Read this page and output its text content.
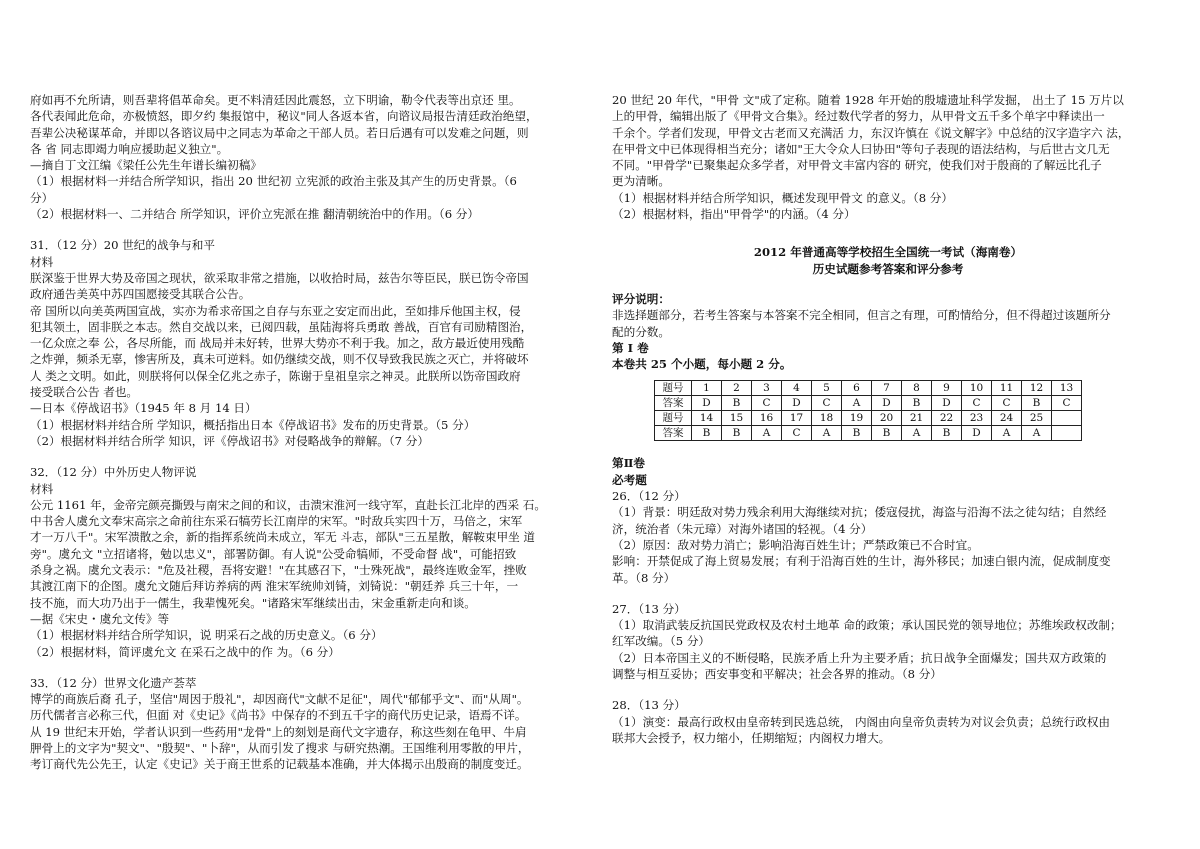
府如再不允所请，则吾辈将倡革命矣。更不料清廷因此震怒，立下明谕，勒令代表等出京还 里。

各代表闻此危命，亦极愤怒，即夕约 集报馆中，秘议"同人各返本省，向谘议局报告清廷政治绝望，

吾辈公决秘谋革命，并即以各谘议局中之同志为革命之干部人员。若日后遇有可以发难之问题，则

各 省 同志即竭力响应援助起义独立"。

—摘自丁文江编《梁任公先生年谱长编初稿》

（1）根据材料一并结合所学知识，指出 20 世纪初 立宪派的政治主张及其产生的历史背景。（6

分）

（2）根据材料一、二并结合 所学知识，评价立宪派在推 翻清朝统治中的作用。（6 分）

31．（12 分）20 世纪的战争与和平

材料

朕深鉴于世界大势及帝国之现状，欲采取非常之措施，以收拾时局，兹告尔等臣民，朕已饬令帝国

政府通告美英中苏四国愿接受其联合公告。

帝 国所以向美英两国宣战，实亦为希求帝国之自存与东亚之安定而出此，至如排斥他国主权，侵

犯其领土，固非朕之本志。然自交战以来，已阅四载，虽陆海将兵勇敢 善战，百官有司励精图治，

一亿众庶之奉 公，各尽所能，而 战局并未好转，世界大势亦不利于我。加之，敌方最近使用残酷

之炸弹，频杀无辜，惨害所及，真未可逆料。如仍继续交战，则不仅导致我民族之灭亡，并将破坏

人 类之文明。如此，则朕将何以保全亿兆之赤子，陈谢于皇祖皇宗之神灵。此朕所以饬帝国政府

接受联合公告 者也。

—日本《停战诏书》（1945 年 8 月 14 日）

（1）根据材料并结合所 学知识，概括指出日本《停战诏书》发布的历史背景。（5 分）

（2）根据材料并结合所学 知识，评《停战诏书》对侵略战争的辩解。（7 分）

32．（12 分）中外历史人物评说

材料

公元 1161 年，金帝完颜亮撕毁与南宋之间的和议，击溃宋淮河一线守军，直赴长江北岸的西采 石。

中书舍人虞允文奉宋高宗之命前往东采石犒劳长江南岸的宋军。"时敌兵实四十万，马倍之，宋军

才一万八千"。宋军溃散之余，新的指挥系统尚未成立，军无 斗志，部队"三五星散，解鞍束甲坐 道

旁"。虞允文 "立招诸将，勉以忠义"，部署防御。有人说"公受命犒师，不受命督 战"，可能招致

杀身之祸。虞允文表示："危及社稷，吾将安避！"在其感召下，"士殊死战"，最终连败金军，挫败

其渡江南下的企图。虞允文随后拜访养病的两 淮宋军统帅刘锜，刘锜说："朝廷养 兵三十年，一

技不施，而大功乃出于一儒生，我辈愧死矣。"诸路宋军继续出击，宋金重新走向和谈。

—据《宋史・虞允文传》等

（1）根据材料并结合所学知识，说 明采石之战的历史意义。（6 分）

（2）根据材料，简评虞允文 在采石之战中的作 为。（6 分）

33．（12 分）世界文化遗产荟萃

博学的商族后裔 孔子，坚信"周因于殷礼"，却因商代"文献不足征"，周代"郁郁乎文"、而"从周"。

历代儒者言必称三代，但面 对《史记》《尚书》中保存的不到五千字的商代历史记录，语焉不详。

从 19 世纪末开始，学者认识到一些药用"龙骨"上的刻划是商代文字遗存，称这些刻在龟甲、牛肩

胛骨上的文字为"契文"、"殷契"、"卜辞"，从而引发了搜求 与研究热潮。王国维利用零散的甲片，

考订商代先公先王，认定《史记》关于商王世系的记载基本准确，并大体揭示出殷商的制度变迁。

20 世纪 20 年代，"甲骨 文"成了定称。随着 1928 年开始的殷墟遗址科学发掘， 出土了 15 万片以

上的甲骨，编辑出版了《甲骨文合集》。经过数代学者的努力，从甲骨文五千多个单字中释读出一

千余个。学者们发现，甲骨文古老而又充满活 力，东汉许慎在《说文解字》中总结的汉字造字六 法，

在甲骨文中已体现得相当充分；诸如"王大令众人曰协田"等句子表现的语法结构，与后世古文几无

不同。"甲骨学"已聚集起众多学者，对甲骨文丰富内容的 研究，使我们对于殷商的了解远比孔子

更为清晰。

（1）根据材料并结合所学知识，概述发现甲骨文 的意义。（8 分）

（2）根据材料，指出"甲骨学"的内涵。（4 分）

2012 年普通高等学校招生全国统一考试（海南卷）

历史试题参考答案和评分参考

评分说明：

非选择题部分，若考生答案与本答案不完全相同，但言之有理，可酌情给分，但不得超过该题所分

配的分数。

第 I 卷

本卷共 25 个小题，每小题 2 分。

题号	1	2	3	4	5	6	7	8	9	10	11	12	13
答案	D	B	C	D	C	A	D	B	D	C	C	B	C
题号	14	15	16	17	18	19	20	21	22	23	24	25	
答案	B	B	A	C	A	B	B	A	B	D	A	A	

第Ⅱ卷

必考题

26．（12 分）

（1）背景：明廷敌对势力残余利用大海继续对抗；倭寇侵扰，海盗与沿海不法之徒勾结；自然经

济，统治者（朱元璋）对海外诸国的轻视。（4 分）

（2）原因：敌对势力消亡；影响沿海百姓生计；严禁政策已不合时宜。

影响：开禁促成了海上贸易发展；有利于沿海百姓的生计，海外移民；加速白银内流，促成制度变

革。（8 分）

27．（13 分）

（1）取消武装反抗国民党政权及农村土地革 命的政策；承认国民党的领导地位；苏维埃政权改制；

红军改编。（5 分）

（2）日本帝国主义的不断侵略，民族矛盾上升为主要矛盾；抗日战争全面爆发；国共双方政策的

调整与相互妥协；西安事变和平解决；社会各界的推动。（8 分）

28．（13 分）

（1）演变：最高行政权由皇帝转到民选总统， 内阁由向皇帝负责转为对议会负责；总统行政权由

联邦大会授予，权力缩小，任期缩短；内阁权力增大。
